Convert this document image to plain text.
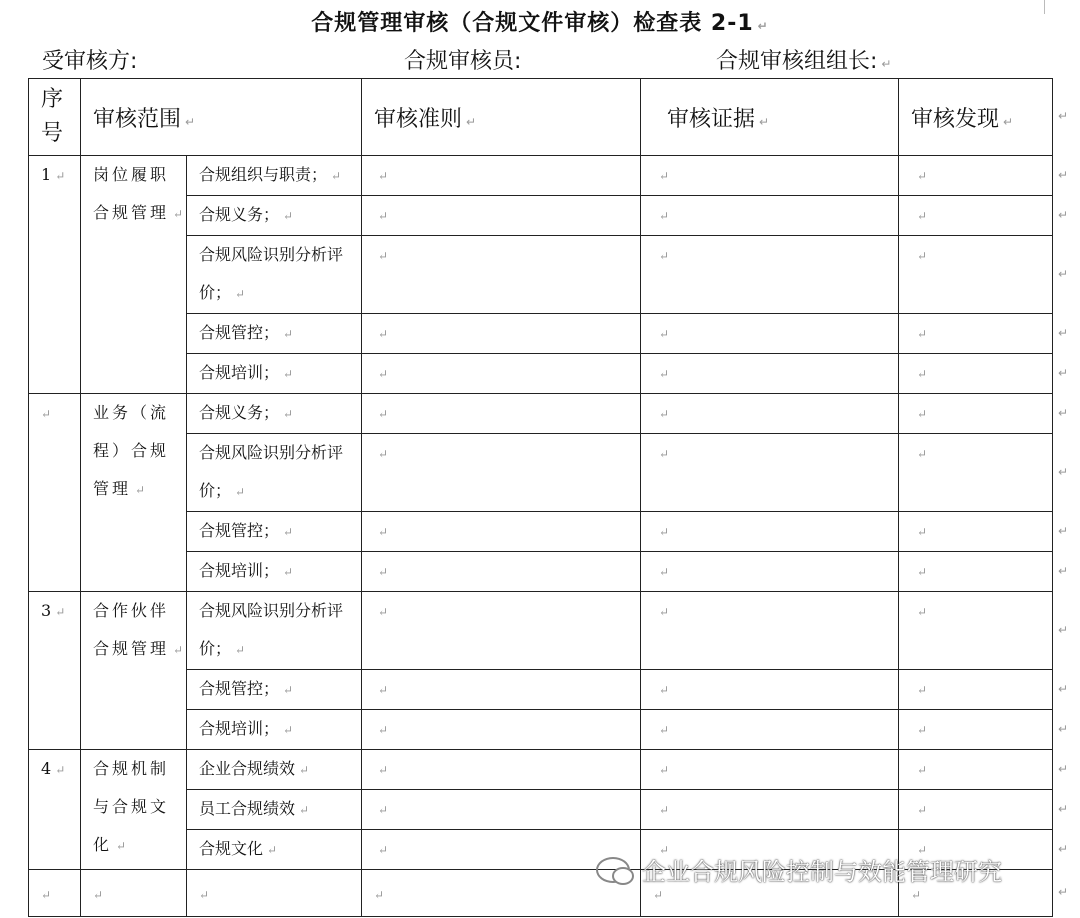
合规管理审核（合规文件审核）检查表 2-1 ↵
受审核方:	合规审核员:	合规审核组组长: ↵
序号	审核范围 ↵		审核准则 ↵	审核证据 ↵	审核发现 ↵
1 ↵	岗位履职合规管理 ↵	合规组织与职责； ↵	↵	↵	↵
		合规义务； ↵	↵	↵	↵
		合规风险识别分析评价； ↵	↵	↵	↵
		合规管控； ↵	↵	↵	↵
		合规培训； ↵	↵	↵	↵
↵	业务（流程）合规管理 ↵	合规义务； ↵	↵	↵	↵
		合规风险识别分析评价； ↵	↵	↵	↵
		合规管控； ↵	↵	↵	↵
		合规培训； ↵	↵	↵	↵
3 ↵	合作伙伴合规管理 ↵	合规风险识别分析评价； ↵	↵	↵	↵
		合规管控； ↵	↵	↵	↵
		合规培训； ↵	↵	↵	↵
4 ↵	合规机制与合规文化 ↵	企业合规绩效 ↵	↵	↵	↵
		员工合规绩效 ↵	↵	↵	↵
		合规文化 ↵	↵	↵	↵
↵	↵	↵	↵	↵	↵
企业合规风险控制与效能管理研究
↵
↵
↵
↵
↵
↵
↵
↵
↵
↵
↵
↵
↵
↵
↵
↵
↵
